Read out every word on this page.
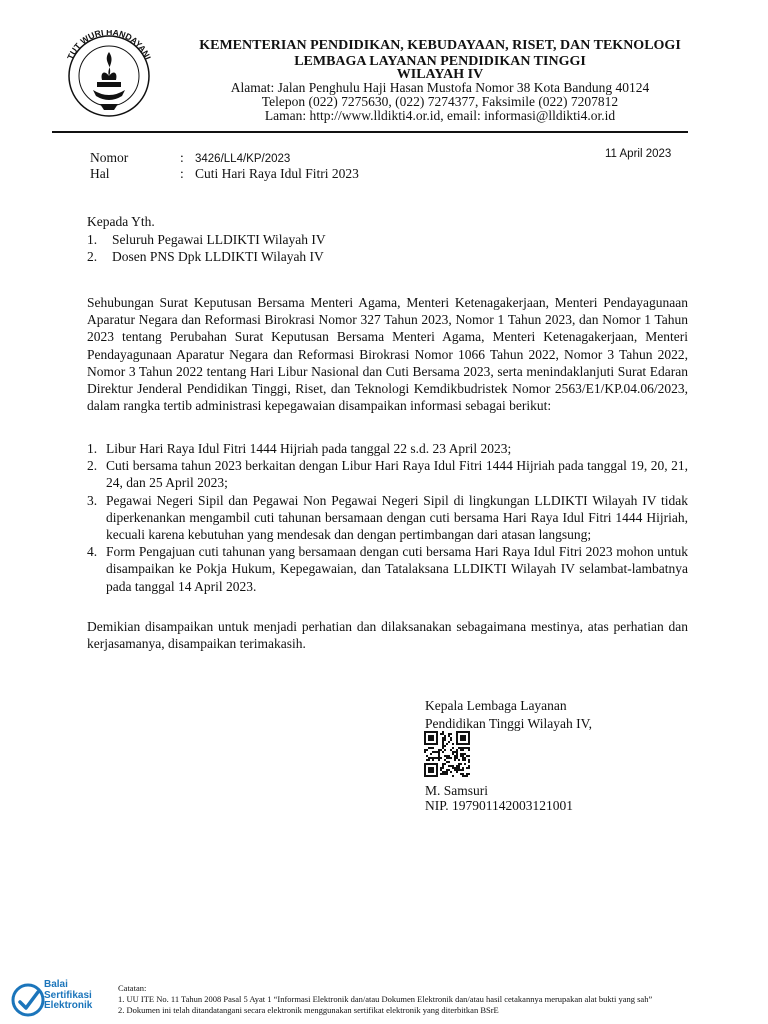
TUT WURI HANDAYANI
KEMENTERIAN PENDIDIKAN, KEBUDAYAAN, RISET, DAN TEKNOLOGI
LEMBAGA LAYANAN PENDIDIKAN TINGGI
WILAYAH IV
Alamat: Jalan Penghulu Haji Hasan Mustofa Nomor 38 Kota Bandung 40124
Telepon (022) 7275630, (022) 7274377, Faksimile (022) 7207812
Laman: http://www.lldikti4.or.id, email: informasi@lldikti4.or.id
Nomor	: 3426/LL4/KP/2023	11 April 2023
Hal	: Cuti Hari Raya Idul Fitri 2023
Kepada Yth.
1. Seluruh Pegawai LLDIKTI Wilayah IV
2. Dosen PNS Dpk LLDIKTI Wilayah IV
Sehubungan Surat Keputusan Bersama Menteri Agama, Menteri Ketenagakerjaan, Menteri Pendayagunaan Aparatur Negara dan Reformasi Birokrasi Nomor 327 Tahun 2023, Nomor 1 Tahun 2023, dan Nomor 1 Tahun 2023 tentang Perubahan Surat Keputusan Bersama Menteri Agama, Menteri Ketenagakerjaan, Menteri Pendayagunaan Aparatur Negara dan Reformasi Birokrasi Nomor 1066 Tahun 2022, Nomor 3 Tahun 2022, Nomor 3 Tahun 2022 tentang Hari Libur Nasional dan Cuti Bersama 2023, serta menindaklanjuti Surat Edaran Direktur Jenderal Pendidikan Tinggi, Riset, dan Teknologi Kemdikbudristek Nomor 2563/E1/KP.04.06/2023, dalam rangka tertib administrasi kepegawaian disampaikan informasi sebagai berikut:
1. Libur Hari Raya Idul Fitri 1444 Hijriah pada tanggal 22 s.d. 23 April 2023;
2. Cuti bersama tahun 2023 berkaitan dengan Libur Hari Raya Idul Fitri 1444 Hijriah pada tanggal 19, 20, 21, 24, dan 25 April 2023;
3. Pegawai Negeri Sipil dan Pegawai Non Pegawai Negeri Sipil di lingkungan LLDIKTI Wilayah IV tidak diperkenankan mengambil cuti tahunan bersamaan dengan cuti bersama Hari Raya Idul Fitri 1444 Hijriah, kecuali karena kebutuhan yang mendesak dan dengan pertimbangan dari atasan langsung;
4. Form Pengajuan cuti tahunan yang bersamaan dengan cuti bersama Hari Raya Idul Fitri 2023 mohon untuk disampaikan ke Pokja Hukum, Kepegawaian, dan Tatalaksana LLDIKTI Wilayah IV selambat-lambatnya pada tanggal 14 April 2023.
Demikian disampaikan untuk menjadi perhatian dan dilaksanakan sebagaimana mestinya, atas perhatian dan kerjasamanya, disampaikan terimakasih.
Kepala Lembaga Layanan
Pendidikan Tinggi Wilayah IV,
M. Samsuri
NIP. 197901142003121001
Balai
Sertifikasi
Elektronik
Catatan:
1. UU ITE No. 11 Tahun 2008 Pasal 5 Ayat 1 “Informasi Elektronik dan/atau Dokumen Elektronik dan/atau hasil cetakannya merupakan alat bukti yang sah”
2. Dokumen ini telah ditandatangani secara elektronik menggunakan sertifikat elektronik yang diterbitkan BSrE
